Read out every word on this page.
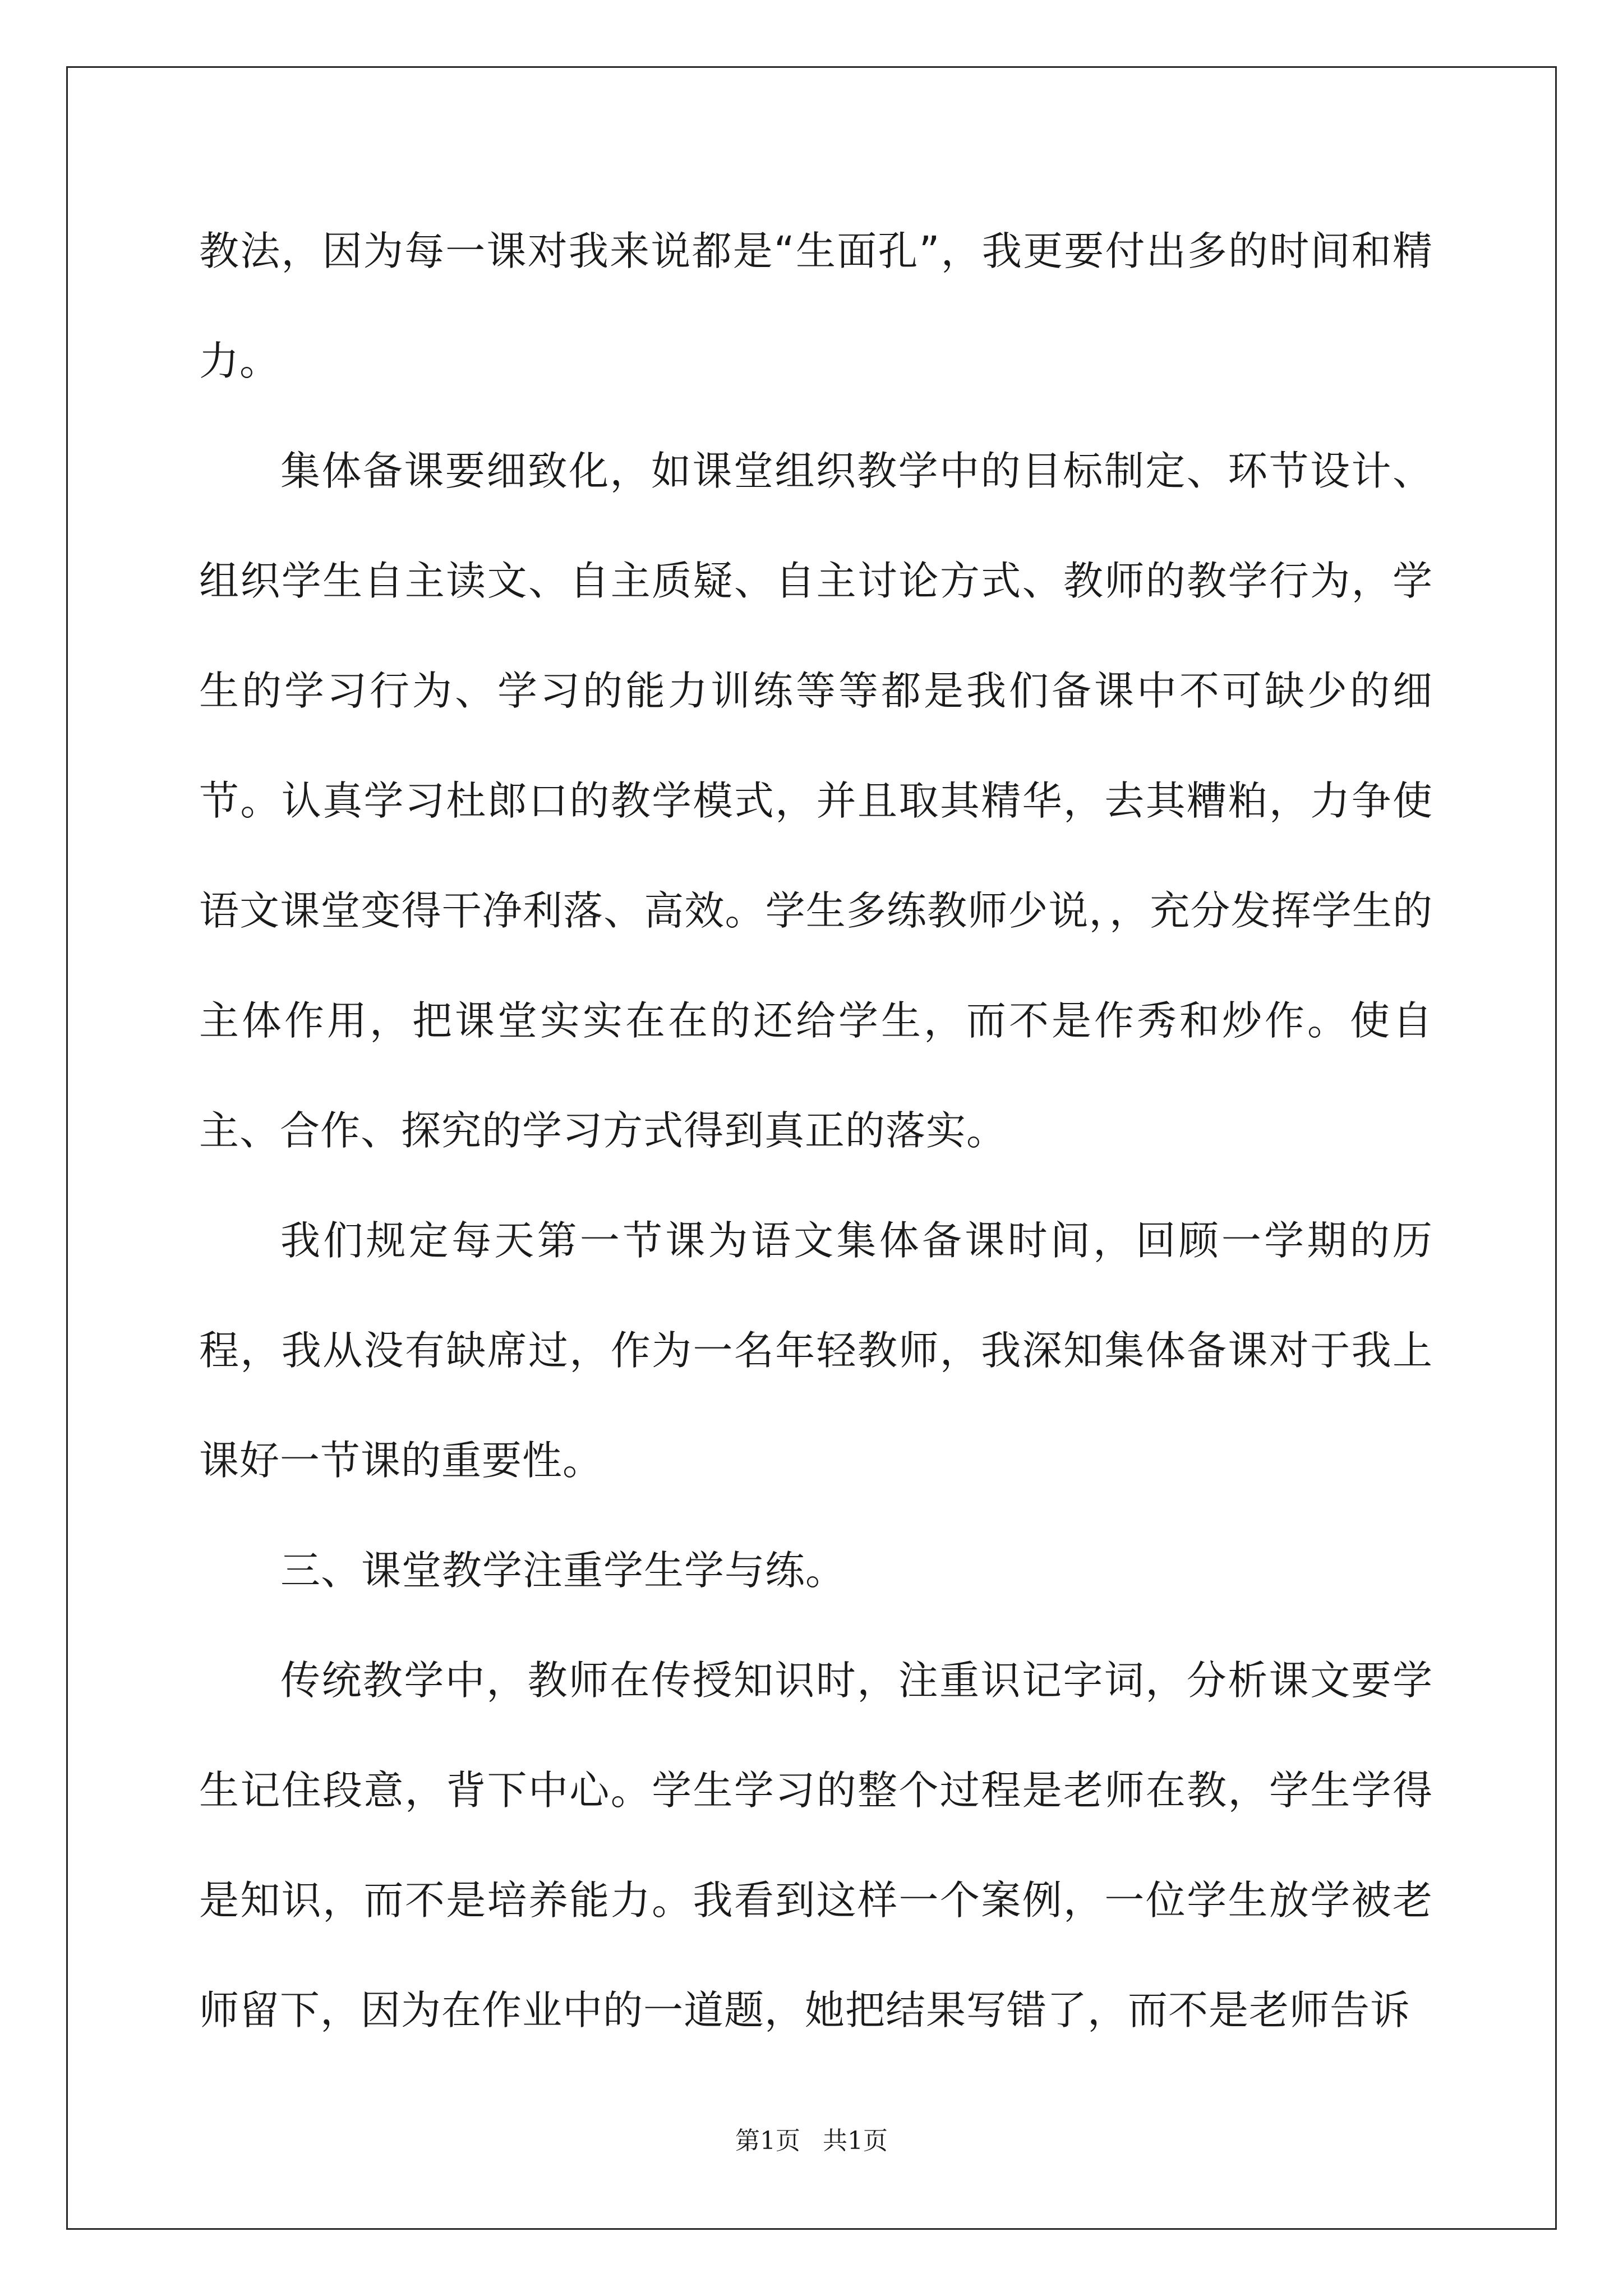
教法，因为每一课对我来说都是“生面孔”，我更要付出多的时间和精力。

集体备课要细致化，如课堂组织教学中的目标制定、环节设计、组织学生自主读文、自主质疑、自主讨论方式、教师的教学行为，学生的学习行为、学习的能力训练等等都是我们备课中不可缺少的细节。认真学习杜郎口的教学模式，并且取其精华，去其糟粕，力争使语文课堂变得干净利落、高效。学生多练教师少说，，充分发挥学生的主体作用，把课堂实实在在的还给学生，而不是作秀和炒作。使自主、合作、探究的学习方式得到真正的落实。

我们规定每天第一节课为语文集体备课时间，回顾一学期的历程，我从没有缺席过，作为一名年轻教师，我深知集体备课对于我上课好一节课的重要性。

三、课堂教学注重学生学与练。

传统教学中，教师在传授知识时，注重识记字词，分析课文要学生记住段意，背下中心。学生学习的整个过程是老师在教，学生学得是知识，而不是培养能力。我看到这样一个案例，一位学生放学被老师留下，因为在作业中的一道题，她把结果写错了，而不是老师告诉

第1页 共1页
